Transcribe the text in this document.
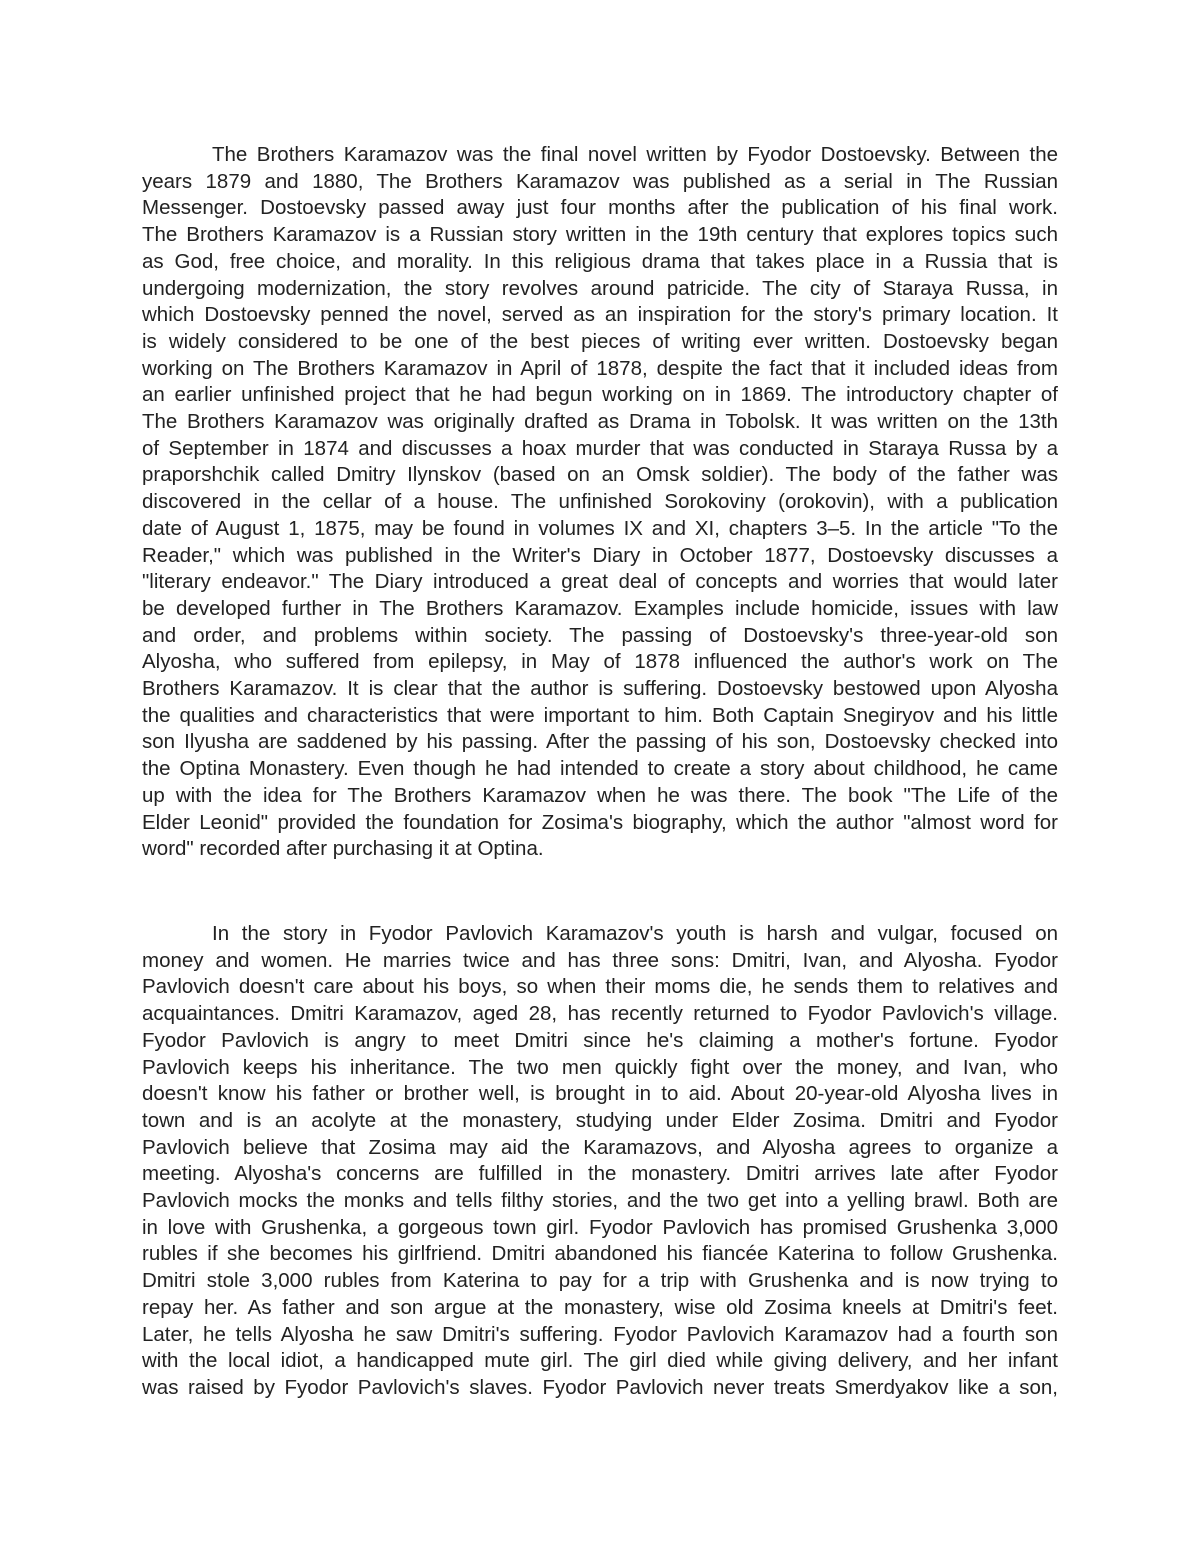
The Brothers Karamazov was the final novel written by Fyodor Dostoevsky. Between the
years 1879 and 1880, The Brothers Karamazov was published as a serial in The Russian
Messenger. Dostoevsky passed away just four months after the publication of his final work.
The Brothers Karamazov is a Russian story written in the 19th century that explores topics such
as God, free choice, and morality. In this religious drama that takes place in a Russia that is
undergoing modernization, the story revolves around patricide. The city of Staraya Russa, in
which Dostoevsky penned the novel, served as an inspiration for the story's primary location. It
is widely considered to be one of the best pieces of writing ever written. Dostoevsky began
working on The Brothers Karamazov in April of 1878, despite the fact that it included ideas from
an earlier unfinished project that he had begun working on in 1869. The introductory chapter of
The Brothers Karamazov was originally drafted as Drama in Tobolsk. It was written on the 13th
of September in 1874 and discusses a hoax murder that was conducted in Staraya Russa by a
praporshchik called Dmitry Ilynskov (based on an Omsk soldier). The body of the father was
discovered in the cellar of a house. The unfinished Sorokoviny (orokovin), with a publication
date of August 1, 1875, may be found in volumes IX and XI, chapters 3–5. In the article "To the
Reader," which was published in the Writer's Diary in October 1877, Dostoevsky discusses a
"literary endeavor." The Diary introduced a great deal of concepts and worries that would later
be developed further in The Brothers Karamazov. Examples include homicide, issues with law
and order, and problems within society. The passing of Dostoevsky's three-year-old son
Alyosha, who suffered from epilepsy, in May of 1878 influenced the author's work on The
Brothers Karamazov. It is clear that the author is suffering. Dostoevsky bestowed upon Alyosha
the qualities and characteristics that were important to him. Both Captain Snegiryov and his little
son Ilyusha are saddened by his passing. After the passing of his son, Dostoevsky checked into
the Optina Monastery. Even though he had intended to create a story about childhood, he came
up with the idea for The Brothers Karamazov when he was there. The book "The Life of the
Elder Leonid" provided the foundation for Zosima's biography, which the author "almost word for
word" recorded after purchasing it at Optina.
In the story in Fyodor Pavlovich Karamazov's youth is harsh and vulgar, focused on
money and women. He marries twice and has three sons: Dmitri, Ivan, and Alyosha. Fyodor
Pavlovich doesn't care about his boys, so when their moms die, he sends them to relatives and
acquaintances. Dmitri Karamazov, aged 28, has recently returned to Fyodor Pavlovich's village.
Fyodor Pavlovich is angry to meet Dmitri since he's claiming a mother's fortune. Fyodor
Pavlovich keeps his inheritance. The two men quickly fight over the money, and Ivan, who
doesn't know his father or brother well, is brought in to aid. About 20-year-old Alyosha lives in
town and is an acolyte at the monastery, studying under Elder Zosima. Dmitri and Fyodor
Pavlovich believe that Zosima may aid the Karamazovs, and Alyosha agrees to organize a
meeting. Alyosha's concerns are fulfilled in the monastery. Dmitri arrives late after Fyodor
Pavlovich mocks the monks and tells filthy stories, and the two get into a yelling brawl. Both are
in love with Grushenka, a gorgeous town girl. Fyodor Pavlovich has promised Grushenka 3,000
rubles if she becomes his girlfriend. Dmitri abandoned his fiancée Katerina to follow Grushenka.
Dmitri stole 3,000 rubles from Katerina to pay for a trip with Grushenka and is now trying to
repay her. As father and son argue at the monastery, wise old Zosima kneels at Dmitri's feet.
Later, he tells Alyosha he saw Dmitri's suffering. Fyodor Pavlovich Karamazov had a fourth son
with the local idiot, a handicapped mute girl. The girl died while giving delivery, and her infant
was raised by Fyodor Pavlovich's slaves. Fyodor Pavlovich never treats Smerdyakov like a son,
